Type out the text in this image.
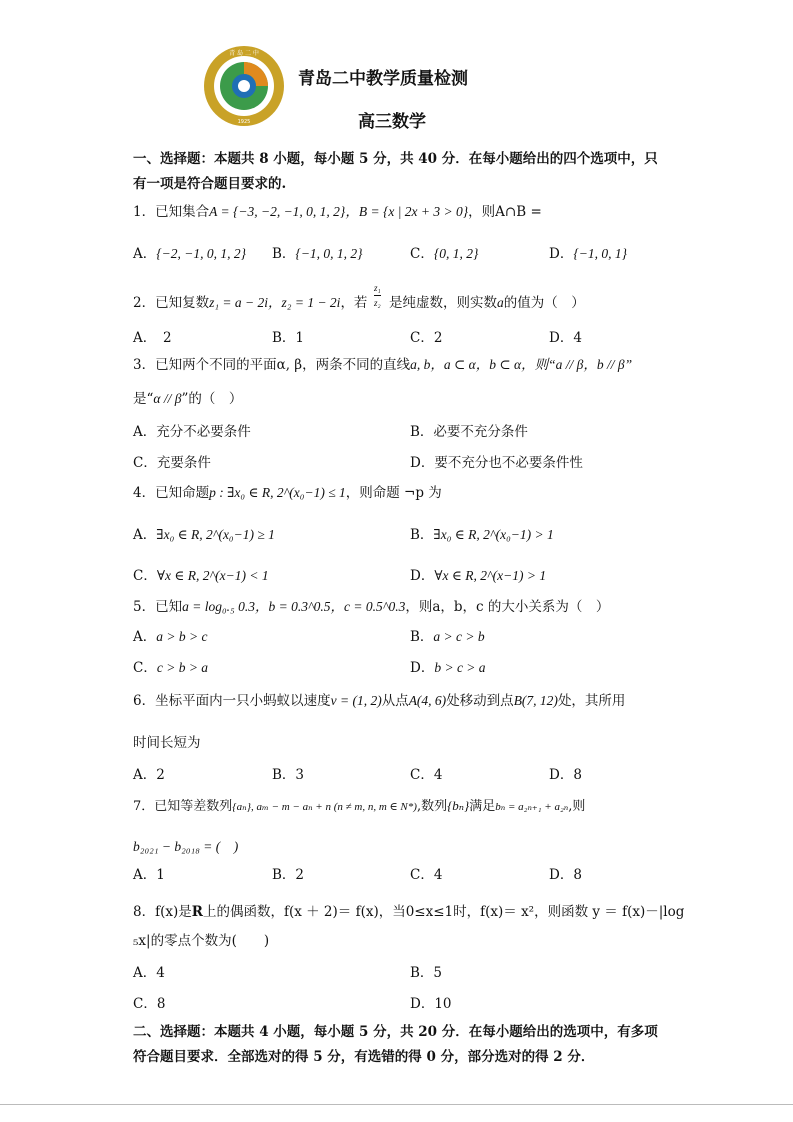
青 岛 二 中
1925
青岛二中教学质量检测
高三数学
一、选择题：本题共 8 小题，每小题 5 分，共 40 分．在每小题给出的四个选项中，只
有一项是符合题目要求的.
1．已知集合A = {−3, −2, −1, 0, 1, 2}，B = {x | 2x + 3 > 0}，则A∩B =
A．{−2, −1, 0, 1, 2} B．{−1, 0, 1, 2}	C．{0, 1, 2}	D．{−1, 0, 1}
2．已知复数z₁ = a − 2i，z₂ = 1 − 2i，若
z₁
z₂ 是纯虚数，则实数a的值为（　）
A．　2	B．1	C．2	D．4
3．已知两个不同的平面α, β，两条不同的直线a, b，a ⊂ α，b ⊂ α，则“a // β，b // β”
是“α // β”的（　）
A．充分不必要条件	B．必要不充分条件
C．充要条件	D．要不充分也不必要条件性
4．已知命题p : ∃x₀ ∈ R, 2^(x₀−1) ≤ 1，则命题 ¬p 为
A．∃x₀ ∈ R, 2^(x₀−1) ≥ 1	B．∃x₀ ∈ R, 2^(x₀−1) > 1
C．∀x ∈ R, 2^(x−1) < 1	D．∀x ∈ R, 2^(x−1) > 1
5．已知a = log₀.₅ 0.3，b = 0.3^0.5，c = 0.5^0.3，则a，b，c 的大小关系为（　）
A．a > b > c	B．a > c > b
C．c > b > a	D．b > c > a
6．坐标平面内一只小蚂蚁以速度v = (1, 2)从点A(4, 6)处移动到点B(7, 12)处，其所用
时间长短为
A．2	B．3	C．4	D．8
7．已知等差数列{aₙ}, aₘ − m − aₙ + n (n ≠ m, n, m ∈ N*),数列{bₙ}满足bₙ = a₂ₙ₊₁ + a₂ₙ,则
b₂₀₂₁ − b₂₀₁₈ = (　)
A．1	B．2	C．4	D．8
8．f(x)是R上的偶函数，f(x ＋ 2)＝ f(x)，当0≤x≤1时，f(x)＝ x²，则函数 y ＝ f(x)－|log
₅x|的零点个数为(　　)
A．4	B．5
C．8	D．10
二、选择题：本题共 4 小题，每小题 5 分，共 20 分．在每小题给出的选项中，有多项
符合题目要求．全部选对的得 5 分，有选错的得 0 分，部分选对的得 2 分．
